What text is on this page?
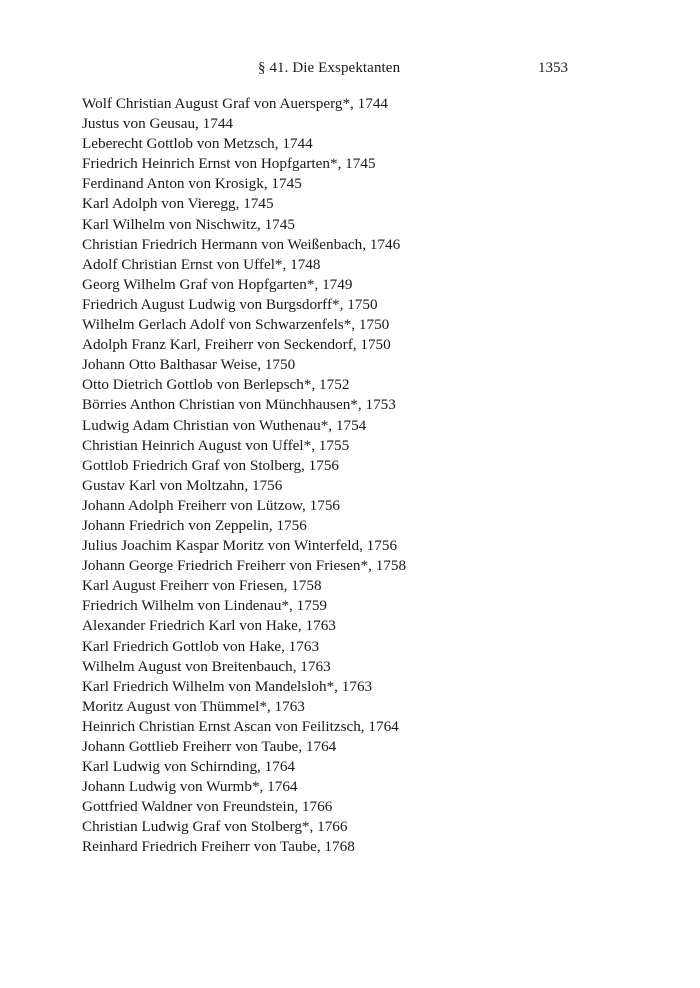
§ 41. Die Exspektanten	1353
Wolf Christian August Graf von Auersperg*, 1744
Justus von Geusau, 1744
Leberecht Gottlob von Metzsch, 1744
Friedrich Heinrich Ernst von Hopfgarten*, 1745
Ferdinand Anton von Krosigk, 1745
Karl Adolph von Vieregg, 1745
Karl Wilhelm von Nischwitz, 1745
Christian Friedrich Hermann von Weißenbach, 1746
Adolf Christian Ernst von Uffel*, 1748
Georg Wilhelm Graf von Hopfgarten*, 1749
Friedrich August Ludwig von Burgsdorff*, 1750
Wilhelm Gerlach Adolf von Schwarzenfels*, 1750
Adolph Franz Karl, Freiherr von Seckendorf, 1750
Johann Otto Balthasar Weise, 1750
Otto Dietrich Gottlob von Berlepsch*, 1752
Börries Anthon Christian von Münchhausen*, 1753
Ludwig Adam Christian von Wuthenau*, 1754
Christian Heinrich August von Uffel*, 1755
Gottlob Friedrich Graf von Stolberg, 1756
Gustav Karl von Moltzahn, 1756
Johann Adolph Freiherr von Lützow, 1756
Johann Friedrich von Zeppelin, 1756
Julius Joachim Kaspar Moritz von Winterfeld, 1756
Johann George Friedrich Freiherr von Friesen*, 1758
Karl August Freiherr von Friesen, 1758
Friedrich Wilhelm von Lindenau*, 1759
Alexander Friedrich Karl von Hake, 1763
Karl Friedrich Gottlob von Hake, 1763
Wilhelm August von Breitenbauch, 1763
Karl Friedrich Wilhelm von Mandelsloh*, 1763
Moritz August von Thümmel*, 1763
Heinrich Christian Ernst Ascan von Feilitzsch, 1764
Johann Gottlieb Freiherr von Taube, 1764
Karl Ludwig von Schirnding, 1764
Johann Ludwig von Wurmb*, 1764
Gottfried Waldner von Freundstein, 1766
Christian Ludwig Graf von Stolberg*, 1766
Reinhard Friedrich Freiherr von Taube, 1768
